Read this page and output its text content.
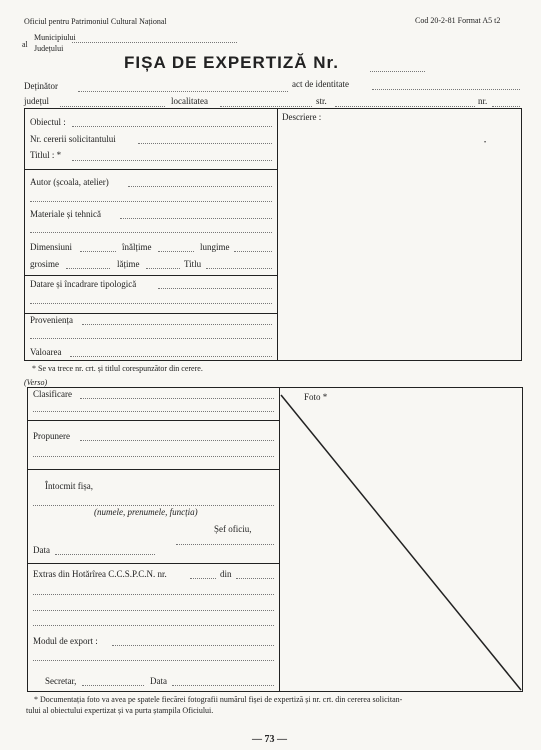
Oficiul pentru Patrimoniul Cultural Național	Cod 20-2-81 Format A5 t2
al
Municipiului
Județului
FIȘA DE EXPERTIZĂ Nr.
Deținător	act de identitate
județul	localitatea	str.	nr.
Obiectul :
Nr. cererii solicitantului
Titlul : *
Autor (școala, atelier)
Materiale și tehnică
Dimensiuni	înălțime	lungime
grosime	lățime	Titlu
Datare și încadrare tipologică
Proveniența
Valoarea
Descriere :
•
* Se va trece nr. crt. și titlul corespunzător din cerere.
(Verso)
Clasificare
Propunere
Întocmit fișa,
(numele, prenumele, funcția)
Șef oficiu,
Data
Extras din Hotărîrea C.C.S.P.C.N. nr.	din
Modul de export :
Secretar,	Data
Foto *
* Documentația foto va avea pe spatele fiecărei fotografii numărul fișei de expertiză și nr. crt. din cererea solicitan-
tului al obiectului expertizat și va purta ștampila Oficiului.
— 73 —
